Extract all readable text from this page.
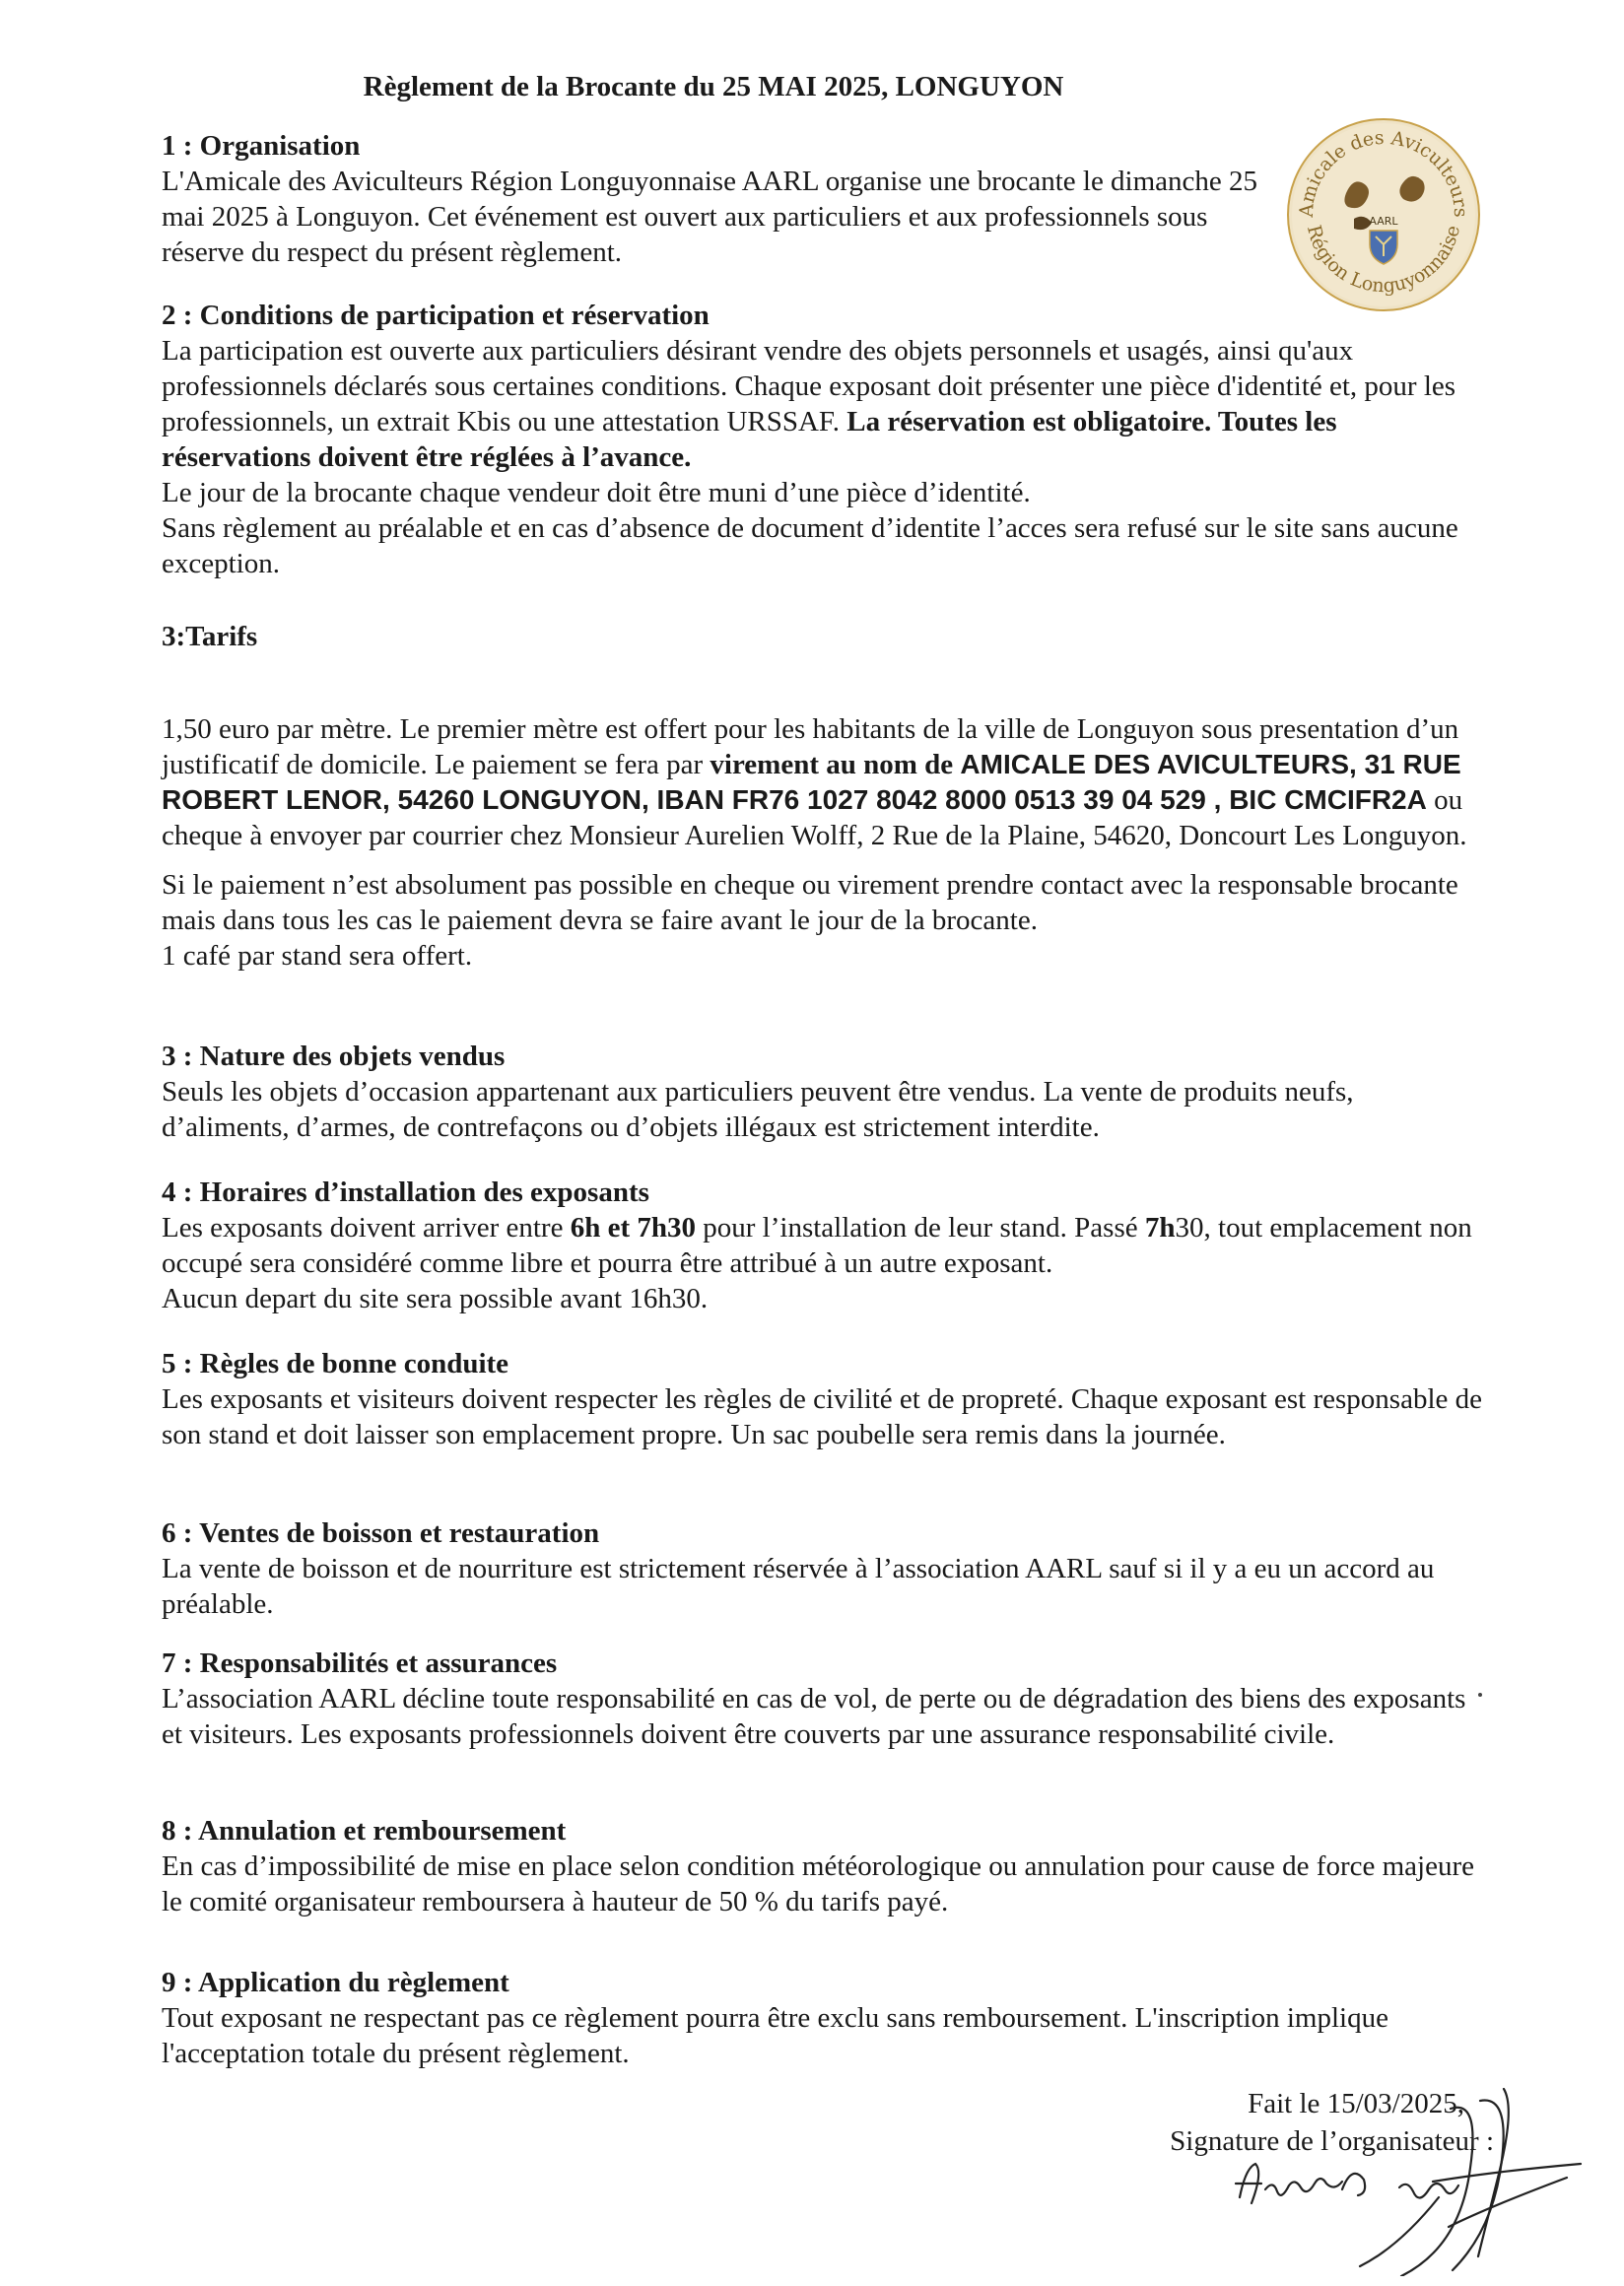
Règlement de la Brocante du 25 MAI 2025, LONGUYON
Amicale des Aviculteurs
Région Longuyonnaise
AARL

1 : Organisation

L'Amicale des Aviculteurs Région Longuyonnaise AARL organise une brocante le dimanche 25 mai 2025 à Longuyon. Cet événement est ouvert aux particuliers et aux professionnels sous réserve du respect du présent règlement.

2 : Conditions de participation et réservation

La participation est ouverte aux particuliers désirant vendre des objets personnels et usagés, ainsi qu'aux professionnels déclarés sous certaines conditions. Chaque exposant doit présenter une pièce d'identité et, pour les professionnels, un extrait Kbis ou une attestation URSSAF. La réservation est obligatoire. Toutes les réservations doivent être réglées à l’avance.

Le jour de la brocante chaque vendeur doit être muni d’une pièce d’identité.

Sans règlement au préalable et en cas d’absence de document d’identite l’acces sera refusé sur le site sans aucune exception.

3:Tarifs

1,50 euro par mètre. Le premier mètre est offert pour les habitants de la ville de Longuyon sous presentation d’un justificatif de domicile. Le paiement se fera par virement au nom de AMICALE DES AVICULTEURS, 31 RUE ROBERT LENOR, 54260 LONGUYON, IBAN FR76 1027 8042 8000 0513 39 04 529 , BIC CMCIFR2A ou cheque à envoyer par courrier chez Monsieur Aurelien Wolff, 2 Rue de la Plaine, 54620, Doncourt Les Longuyon.

Si le paiement n’est absolument pas possible en cheque ou virement prendre contact avec la responsable brocante mais dans tous les cas le paiement devra se faire avant le jour de la brocante.

1 café par stand sera offert.

3 : Nature des objets vendus

Seuls les objets d’occasion appartenant aux particuliers peuvent être vendus. La vente de produits neufs, d’aliments, d’armes, de contrefaçons ou d’objets illégaux est strictement interdite.

4 : Horaires d’installation des exposants

Les exposants doivent arriver entre 6h et 7h30 pour l’installation de leur stand. Passé 7h30, tout emplacement non occupé sera considéré comme libre et pourra être attribué à un autre exposant.

Aucun depart du site sera possible avant 16h30.

5 : Règles de bonne conduite

Les exposants et visiteurs doivent respecter les règles de civilité et de propreté. Chaque exposant est responsable de son stand et doit laisser son emplacement propre. Un sac poubelle sera remis dans la journée.

6 : Ventes de boisson et restauration

La vente de boisson et de nourriture est strictement réservée à l’association AARL sauf si il y a eu un accord au préalable.

7 : Responsabilités et assurances

L’association AARL décline toute responsabilité en cas de vol, de perte ou de dégradation des biens des exposants et visiteurs. Les exposants professionnels doivent être couverts par une assurance responsabilité civile.

8 : Annulation et remboursement

En cas d’impossibilité de mise en place selon condition météorologique ou annulation pour cause de force majeure le comité organisateur remboursera à hauteur de 50 % du tarifs payé.

9 : Application du règlement

Tout exposant ne respectant pas ce règlement pourra être exclu sans remboursement. L'inscription implique l'acceptation totale du présent règlement.

Fait le 15/03/2025,
Signature de l’organisateur :
